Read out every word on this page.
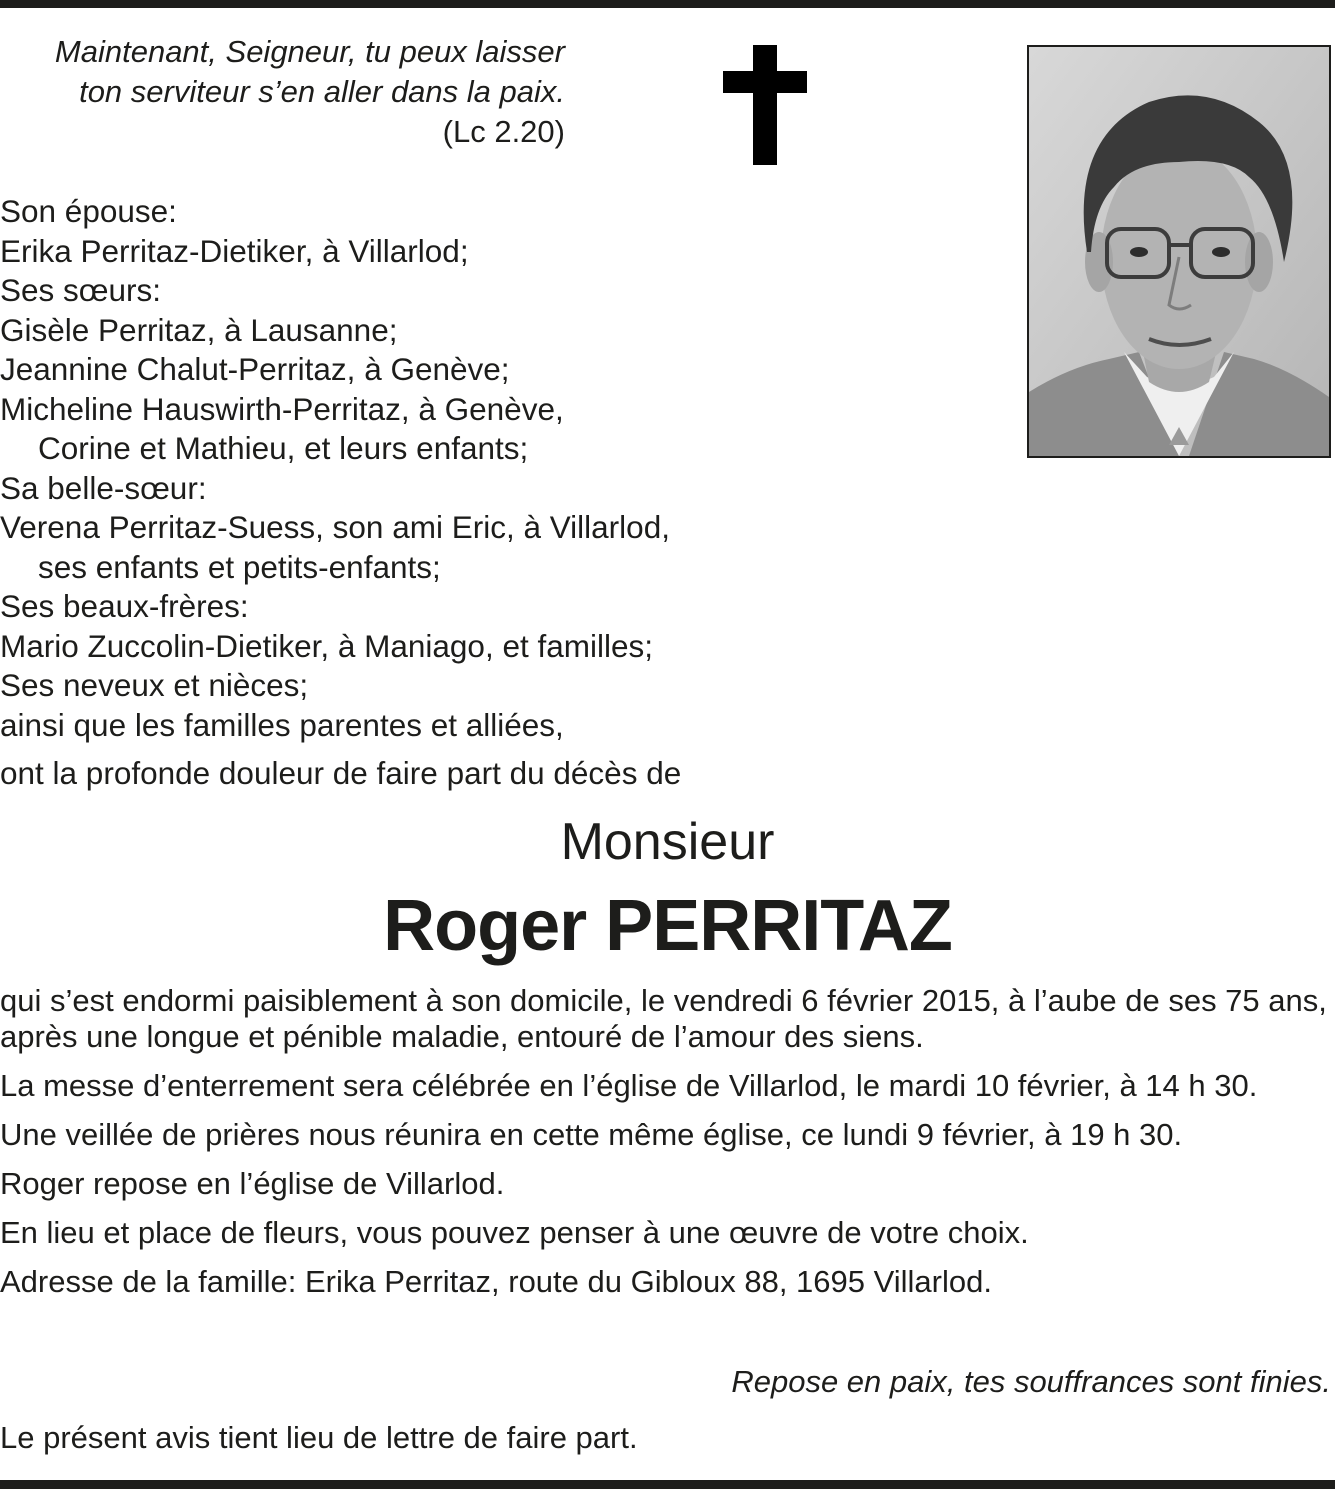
Maintenant, Seigneur, tu peux laisser
ton serviteur s’en aller dans la paix.
(Lc 2.20)
Son épouse:
Erika Perritaz-Dietiker, à Villarlod;
Ses sœurs:
Gisèle Perritaz, à Lausanne;
Jeannine Chalut-Perritaz, à Genève;
Micheline Hauswirth-Perritaz, à Genève,
Corine et Mathieu, et leurs enfants;
Sa belle-sœur:
Verena Perritaz-Suess, son ami Eric, à Villarlod,
ses enfants et petits-enfants;
Ses beaux-frères:
Mario Zuccolin-Dietiker, à Maniago, et familles;
Ses neveux et nièces;
ainsi que les familles parentes et alliées,
ont la profonde douleur de faire part du décès de
Monsieur
Roger PERRITAZ

qui s’est endormi paisiblement à son domicile, le vendredi 6 février 2015, à l’aube de ses 75 ans, après une longue et pénible maladie, entouré de l’amour des siens.

La messe d’enterrement sera célébrée en l’église de Villarlod, le mardi 10 février, à 14 h 30.

Une veillée de prières nous réunira en cette même église, ce lundi 9 février, à 19 h 30.

Roger repose en l’église de Villarlod.

En lieu et place de fleurs, vous pouvez penser à une œuvre de votre choix.

Adresse de la famille: Erika Perritaz, route du Gibloux 88, 1695 Villarlod.

Repose en paix, tes souffrances sont finies.
Le présent avis tient lieu de lettre de faire part.
